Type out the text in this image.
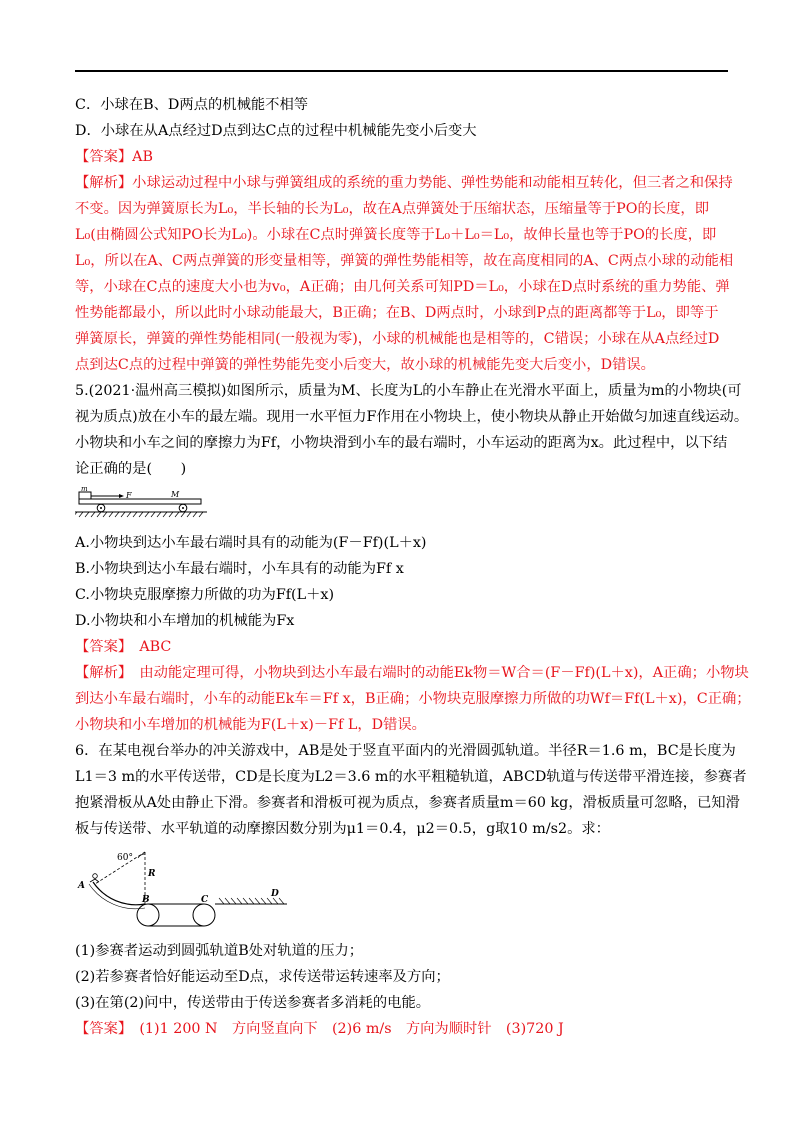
C．小球在B、D两点的机械能不相等
D．小球在从A点经过D点到达C点的过程中机械能先变小后变大
【答案】AB
【解析】小球运动过程中小球与弹簧组成的系统的重力势能、弹性势能和动能相互转化，但三者之和保持
不变。因为弹簧原长为L₀，半长轴的长为L₀，故在A点弹簧处于压缩状态，压缩量等于PO的长度，即
L₀(由椭圆公式知PO长为L₀)。小球在C点时弹簧长度等于L₀＋L₀＝L₀，故伸长量也等于PO的长度，即
L₀，所以在A、C两点弹簧的形变量相等，弹簧的弹性势能相等，故在高度相同的A、C两点小球的动能相
等，小球在C点的速度大小也为v₀，A正确；由几何关系可知PD＝L₀，小球在D点时系统的重力势能、弹
性势能都最小，所以此时小球动能最大，B正确；在B、D两点时，小球到P点的距离都等于L₀，即等于
弹簧原长，弹簧的弹性势能相同(一般视为零)，小球的机械能也是相等的，C错误；小球在从A点经过D
点到达C点的过程中弹簧的弹性势能先变小后变大，故小球的机械能先变大后变小，D错误。
5.(2021·温州高三模拟)如图所示，质量为M、长度为L的小车静止在光滑水平面上，质量为m的小物块(可
视为质点)放在小车的最左端。现用一水平恒力F作用在小物块上，使小物块从静止开始做匀加速直线运动。
小物块和小车之间的摩擦力为Ff，小物块滑到小车的最右端时，小车运动的距离为x。此过程中，以下结
论正确的是(　　)
m
F	M
A.小物块到达小车最右端时具有的动能为(F－Ff)(L＋x)
B.小物块到达小车最右端时，小车具有的动能为Ff x
C.小物块克服摩擦力所做的功为Ff(L＋x)
D.小物块和小车增加的机械能为Fx
【答案】　ABC
【解析】　由动能定理可得，小物块到达小车最右端时的动能Ek物＝W合＝(F－Ff)(L＋x)，A正确；小物块
到达小车最右端时，小车的动能Ek车＝Ff x，B正确；小物块克服摩擦力所做的功Wf＝Ff(L＋x)，C正确；
小物块和小车增加的机械能为F(L＋x)－Ff L，D错误。
6．在某电视台举办的冲关游戏中，AB是处于竖直平面内的光滑圆弧轨道。半径R＝1.6 m，BC是长度为
L1＝3 m的水平传送带，CD是长度为L2＝3.6 m的水平粗糙轨道，ABCD轨道与传送带平滑连接，参赛者
抱紧滑板从A处由静止下滑。参赛者和滑板可视为质点，参赛者质量m＝60 kg，滑板质量可忽略，已知滑
板与传送带、水平轨道的动摩擦因数分别为μ1＝0.4，μ2＝0.5，g取10 m/s2。求：
60°
R
A
B	C
D
(1)参赛者运动到圆弧轨道B处对轨道的压力；
(2)若参赛者恰好能运动至D点，求传送带运转速率及方向；
(3)在第(2)问中，传送带由于传送参赛者多消耗的电能。
【答案】　(1)1 200 N　方向竖直向下　(2)6 m/s　方向为顺时针　(3)720 J
